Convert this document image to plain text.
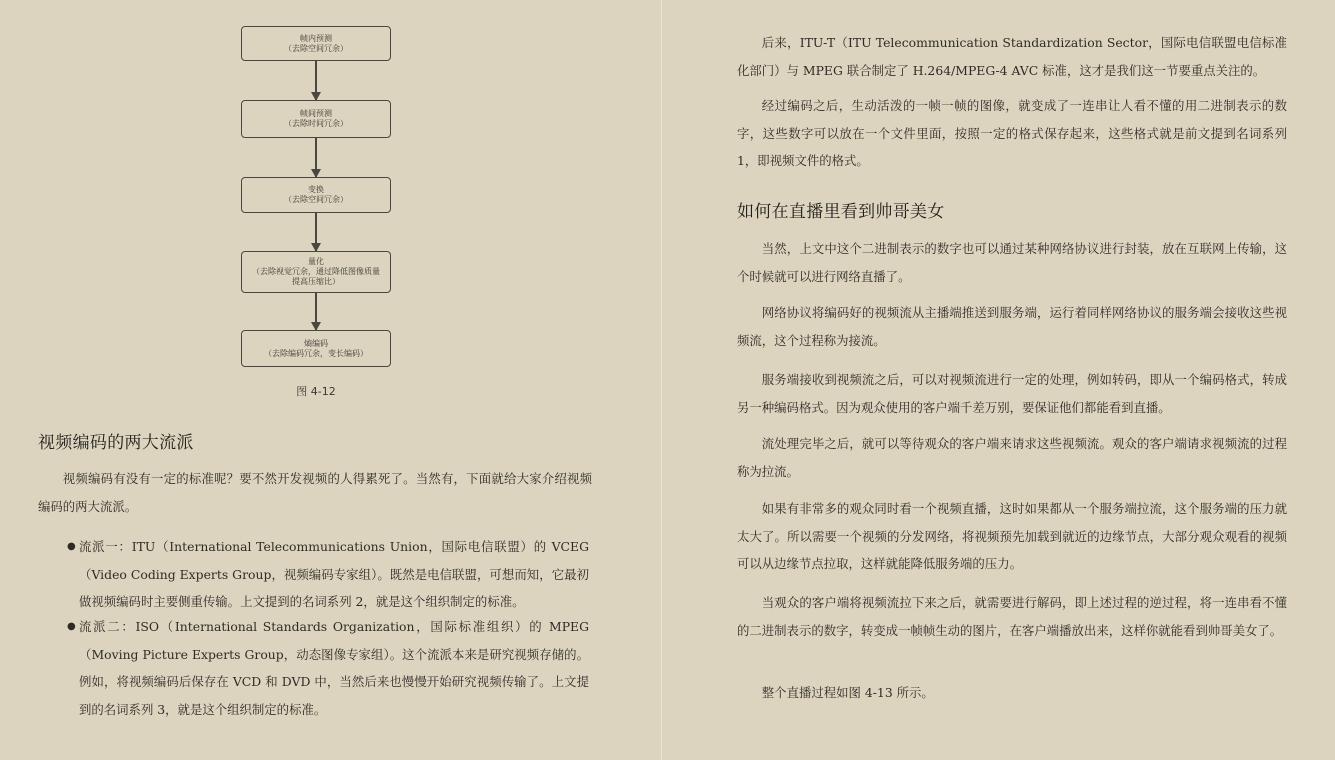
帧内预测
（去除空间冗余）
帧间预测
（去除时间冗余）
变换
（去除空间冗余）
量化
（去除视觉冗余，通过降低图像质量
提高压缩比）
熵编码
（去除编码冗余，变长编码）
图 4-12
视频编码的两大流派

视频编码有没有一定的标准呢？要不然开发视频的人得累死了。当然有，下面就给大家介绍视频编码的两大流派。

● 流派一：ITU（International Telecommunications Union，国际电信联盟）的 VCEG（Video Coding Experts Group，视频编码专家组）。既然是电信联盟，可想而知，它最初做视频编码时主要侧重传输。上文提到的名词系列 2，就是这个组织制定的标准。
● 流派二：ISO（International Standards Organization，国际标准组织）的 MPEG（Moving Picture Experts Group，动态图像专家组）。这个流派本来是研究视频存储的。例如，将视频编码后保存在 VCD 和 DVD 中，当然后来也慢慢开始研究视频传输了。上文提到的名词系列 3，就是这个组织制定的标准。

后来，ITU-T（ITU Telecommunication Standardization Sector，国际电信联盟电信标准化部门）与 MPEG 联合制定了 H.264/MPEG-4 AVC 标准，这才是我们这一节要重点关注的。

经过编码之后，生动活泼的一帧一帧的图像，就变成了一连串让人看不懂的用二进制表示的数字，这些数字可以放在一个文件里面，按照一定的格式保存起来，这些格式就是前文提到名词系列 1，即视频文件的格式。

如何在直播里看到帅哥美女

当然，上文中这个二进制表示的数字也可以通过某种网络协议进行封装，放在互联网上传输，这个时候就可以进行网络直播了。

网络协议将编码好的视频流从主播端推送到服务端，运行着同样网络协议的服务端会接收这些视频流，这个过程称为接流。

服务端接收到视频流之后，可以对视频流进行一定的处理，例如转码，即从一个编码格式，转成另一种编码格式。因为观众使用的客户端千差万别，要保证他们都能看到直播。

流处理完毕之后，就可以等待观众的客户端来请求这些视频流。观众的客户端请求视频流的过程称为拉流。

如果有非常多的观众同时看一个视频直播，这时如果都从一个服务端拉流，这个服务端的压力就太大了。所以需要一个视频的分发网络，将视频预先加载到就近的边缘节点，大部分观众观看的视频可以从边缘节点拉取，这样就能降低服务端的压力。

当观众的客户端将视频流拉下来之后，就需要进行解码，即上述过程的逆过程，将一连串看不懂的二进制表示的数字，转变成一帧帧生动的图片，在客户端播放出来，这样你就能看到帅哥美女了。

整个直播过程如图 4-13 所示。
